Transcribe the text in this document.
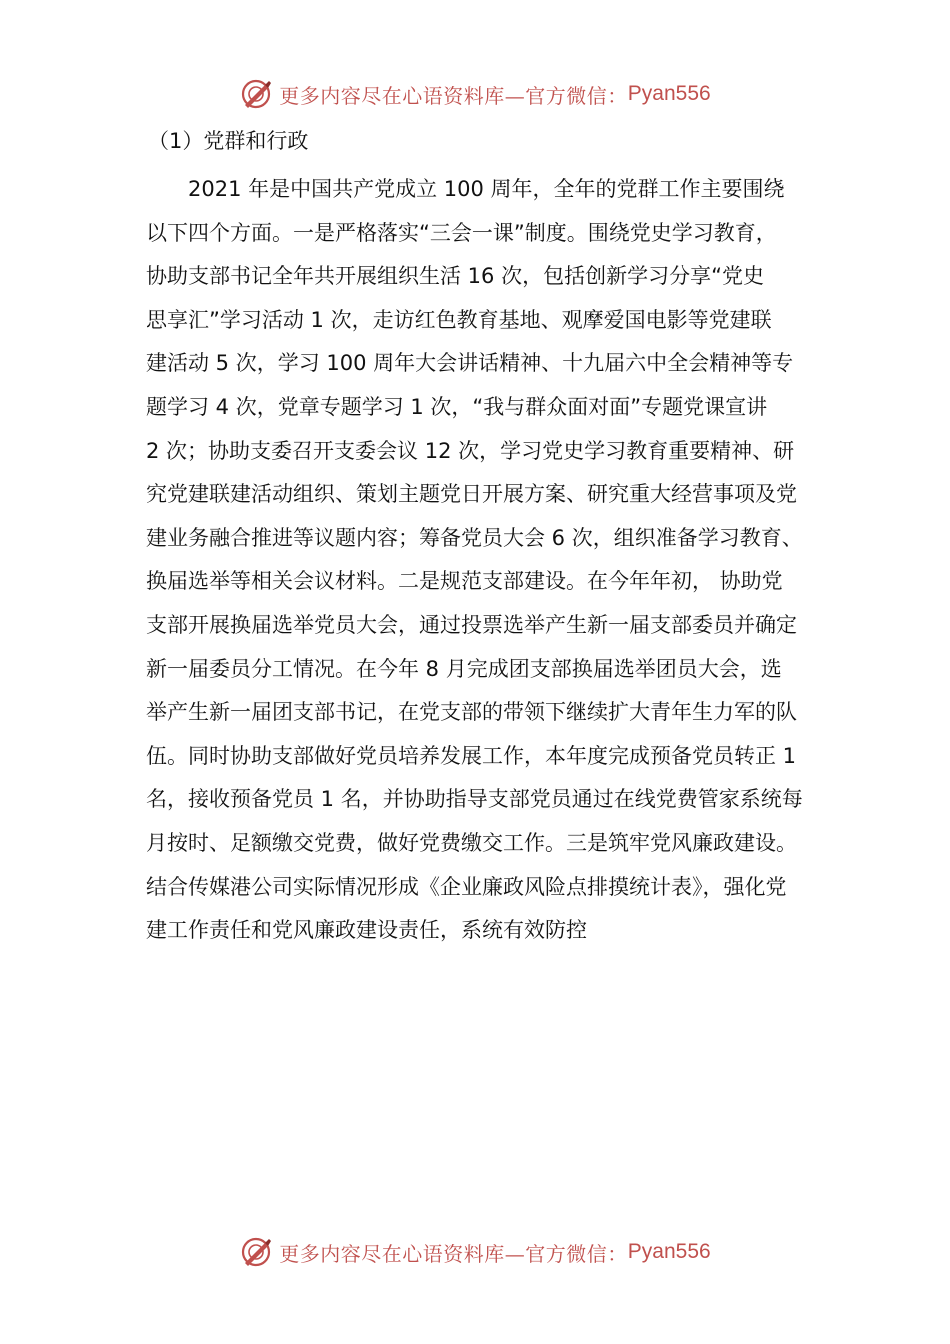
更多内容尽在心语资料库—官方微信： Pyan556
（1）党群和行政
2021 年是中国共产党成立 100 周年，全年的党群工作主要围绕
以下四个方面。一是严格落实“三会一课”制度。围绕党史学习教育，
协助支部书记全年共开展组织生活 16 次，包括创新学习分享“党史
思享汇”学习活动 1 次，走访红色教育基地、观摩爱国电影等党建联
建活动 5 次，学习 100 周年大会讲话精神、十九届六中全会精神等专
题学习 4 次，党章专题学习 1 次，“我与群众面对面”专题党课宣讲
2 次；协助支委召开支委会议 12 次，学习党史学习教育重要精神、研
究党建联建活动组织、策划主题党日开展方案、研究重大经营事项及党
建业务融合推进等议题内容；筹备党员大会 6 次，组织准备学习教育、
换届选举等相关会议材料。二是规范支部建设。在今年年初， 协助党
支部开展换届选举党员大会，通过投票选举产生新一届支部委员并确定
新一届委员分工情况。在今年 8 月完成团支部换届选举团员大会，选
举产生新一届团支部书记，在党支部的带领下继续扩大青年生力军的队
伍。同时协助支部做好党员培养发展工作，本年度完成预备党员转正 1
名，接收预备党员 1 名，并协助指导支部党员通过在线党费管家系统每
月按时、足额缴交党费，做好党费缴交工作。三是筑牢党风廉政建设。
结合传媒港公司实际情况形成《企业廉政风险点排摸统计表》，强化党
建工作责任和党风廉政建设责任，系统有效防控
更多内容尽在心语资料库—官方微信： Pyan556
